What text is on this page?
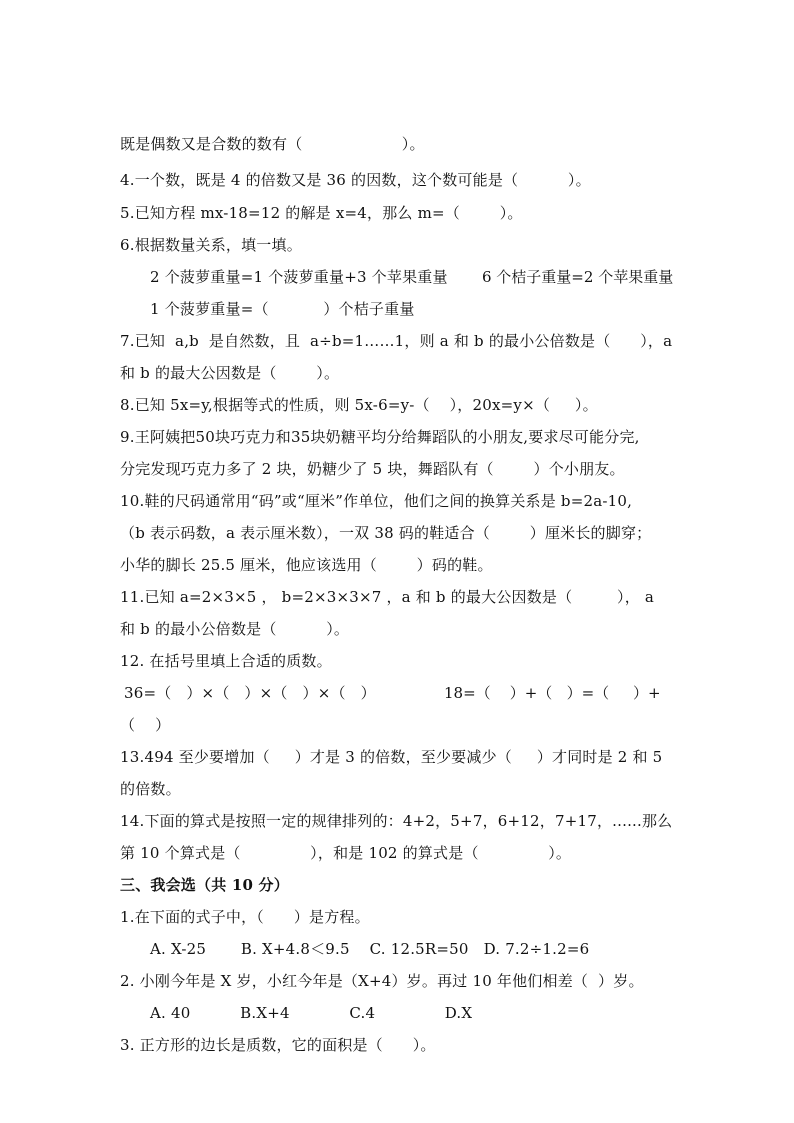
既是偶数又是合数的数有（                    ）。
4.一个数，既是 4 的倍数又是 36 的因数，这个数可能是（          ）。
5.已知方程 mx-18=12 的解是 x=4，那么 m=（        ）。
6.根据数量关系，填一填。
2 个菠萝重量=1 个菠萝重量+3 个苹果重量 6 个桔子重量=2 个苹果重量
1 个菠萝重量=（           ）个桔子重量
7.已知  a,b  是自然数，且  a÷b=1……1，则 a 和 b 的最小公倍数是（      ），a
和 b 的最大公因数是（        ）。
8.已知 5x=y,根据等式的性质，则 5x-6=y-（    ），20x=y×（     ）。
9.王阿姨把50块巧克力和35块奶糖平均分给舞蹈队的小朋友,要求尽可能分完,
分完发现巧克力多了 2 块，奶糖少了 5 块，舞蹈队有（        ）个小朋友。
10.鞋的尺码通常用“码”或“厘米”作单位，他们之间的换算关系是 b=2a-10,
（b 表示码数，a 表示厘米数），一双 38 码的鞋适合（        ）厘米长的脚穿；
小华的脚长 25.5 厘米，他应该选用（        ）码的鞋。
11.已知 a=2×3×5 ， b=2×3×3×7 ，a 和 b 的最大公因数是（         ）， a
和 b 的最小公倍数是（          ）。
12. 在括号里填上合适的质数。
36=（   ）×（   ）×（   ）×（   ）	18=（    ）+（   ）=（     ）+
（    ）
13.494 至少要增加（     ）才是 3 的倍数，至少要减少（     ）才同时是 2 和 5
的倍数。
14.下面的算式是按照一定的规律排列的：4+2，5+7，6+12，7+17，......那么
第 10 个算式是（              ），和是 102 的算式是（              ）。
三、我会选（共 10 分）
1.在下面的式子中，（      ）是方程。
A. X-25       B. X+4.8＜9.5    C. 12.5R=50   D. 7.2÷1.2=6
2. 小刚今年是 X 岁，小红今年是（X+4）岁。再过 10 年他们相差（  ）岁。
A. 40          B.X+4            C.4              D.X
3. 正方形的边长是质数，它的面积是（      ）。
